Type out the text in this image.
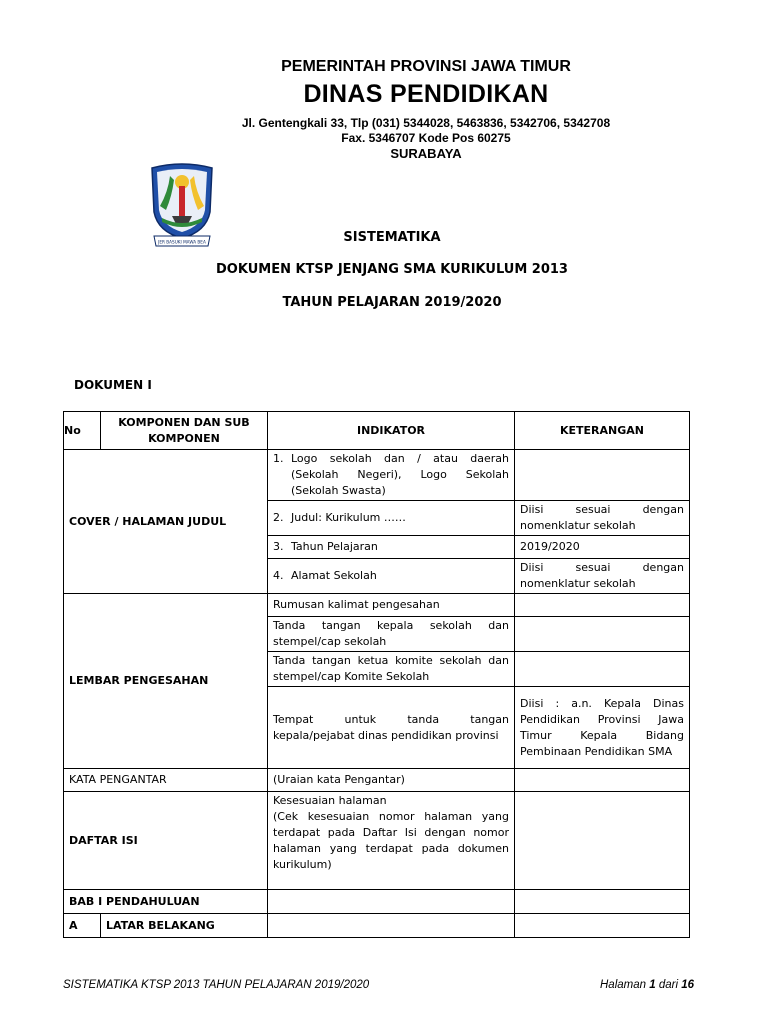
PEMERINTAH PROVINSI JAWA TIMUR
DINAS PENDIDIKAN
Jl. Gentengkali 33, Tlp (031) 5344028, 5463836, 5342706, 5342708
Fax. 5346707 Kode Pos 60275
SURABAYA
JER BASUKI MAWA BEA	SISTEMATIKA
DOKUMEN KTSP JENJANG SMA KURIKULUM 2013
TAHUN PELAJARAN 2019/2020
DOKUMEN I
No	KOMPONEN DAN SUB KOMPONEN	INDIKATOR	KETERANGAN
COVER / HALAMAN JUDUL		1. Logo sekolah dan / atau daerah (Sekolah Negeri), Logo Sekolah (Sekolah Swasta)	

		2. Judul: Kurikulum ……	Diisi sesuai dengan nomenklatur sekolah
		3. Tahun Pelajaran	2019/2020
		4. Alamat Sekolah	Diisi sesuai dengan nomenklatur sekolah
LEMBAR PENGESAHAN		Rumusan kalimat pengesahan	
		Tanda tangan kepala sekolah dan stempel/cap sekolah	
		Tanda tangan ketua komite sekolah dan stempel/cap Komite Sekolah	
		Tempat untuk tanda tangan kepala/pejabat dinas pendidikan provinsi	Diisi : a.n. Kepala Dinas Pendidikan Provinsi Jawa Timur Kepala Bidang Pembinaan Pendidikan SMA
KATA PENGANTAR		(Uraian kata Pengantar)	
DAFTAR ISI		Kesesuaian halaman
(Cek kesesuaian nomor halaman yang terdapat pada Daftar Isi dengan nomor halaman yang terdapat pada dokumen kurikulum)	

BAB I PENDAHULUAN			
A	LATAR BELAKANG		
SISTEMATIKA KTSP 2013 TAHUN PELAJARAN 2019/2020	Halaman 1 dari 16
